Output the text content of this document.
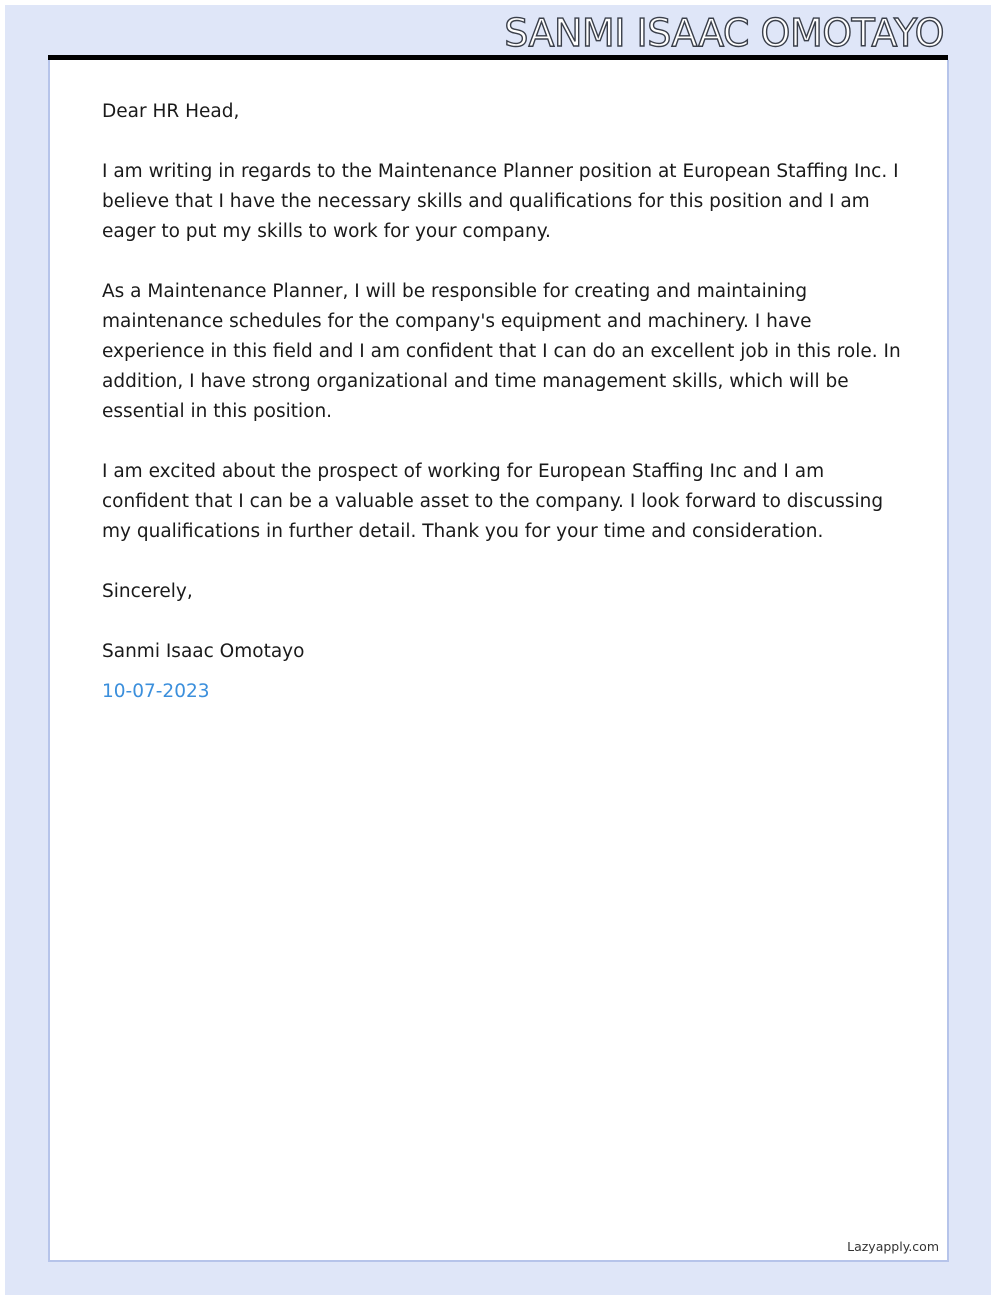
SANMI ISAAC OMOTAYO

Dear HR Head,

I am writing in regards to the Maintenance Planner position at European Staffing Inc. I believe that I have the necessary skills and qualifications for this position and I am eager to put my skills to work for your company.

As a Maintenance Planner, I will be responsible for creating and maintaining maintenance schedules for the company's equipment and machinery. I have experience in this field and I am confident that I can do an excellent job in this role. In addition, I have strong organizational and time management skills, which will be essential in this position.

I am excited about the prospect of working for European Staffing Inc and I am confident that I can be a valuable asset to the company. I look forward to discussing my qualifications in further detail. Thank you for your time and consideration.

Sincerely,

Sanmi Isaac Omotayo

10-07-2023

Lazyapply.com
